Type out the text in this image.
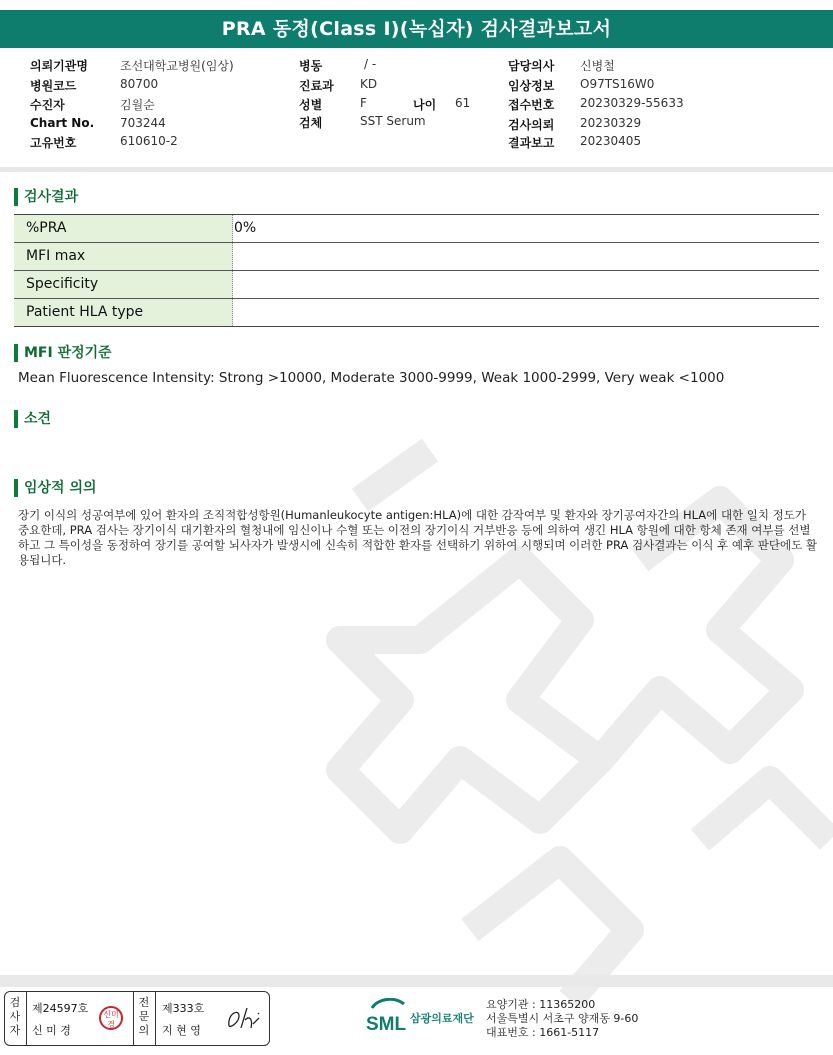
PRA 동정(Class I)(녹십자) 검사결과보고서
의뢰기관명	조선대학교병원(임상)
병원코드	80700
수진자	김월순
Chart No. 703244
고유번호	610610-2
병동	/ -
진료과 KD
성별	F	나이 61
검체	SST Serum
담당의사 신병철
임상정보 O97TS16W0
접수번호 20230329-55633
검사의뢰 20230329
결과보고 20230405
검사결과
%PRA	0%
MFI max
Specificity
Patient HLA type
MFI 판정기준
Mean Fluorescence Intensity: Strong >10000, Moderate 3000-9999, Weak 1000-2999, Very weak <1000
소견
임상적 의의
장기 이식의 성공여부에 있어 환자의 조직적합성항원(Humanleukocyte antigen:HLA)에 대한 감작여부 및 환자와 장기공여자간의 HLA에 대한 일치 정도가 중요한데, PRA 검사는 장기이식 대기환자의 혈청내에 임신이나 수혈 또는 이전의 장기이식 거부반응 등에 의하여 생긴 HLA 항원에 대한 항체 존재 여부를 선별하고 그 특이성을 동정하여 장기를 공여할 뇌사자가 발생시에 신속히 적합한 환자를 선택하기 위하여 시행되며 이러한 PRA 검사결과는 이식 후 예후 판단에도 활용됩니다.
검사자
제24597호
신 미 경
신미경
전문의
제333호
지 현 영	SML 삼광의료재단
요양기관 : 11365200
서울특별시 서초구 양재동 9-60
대표번호 : 1661-5117
